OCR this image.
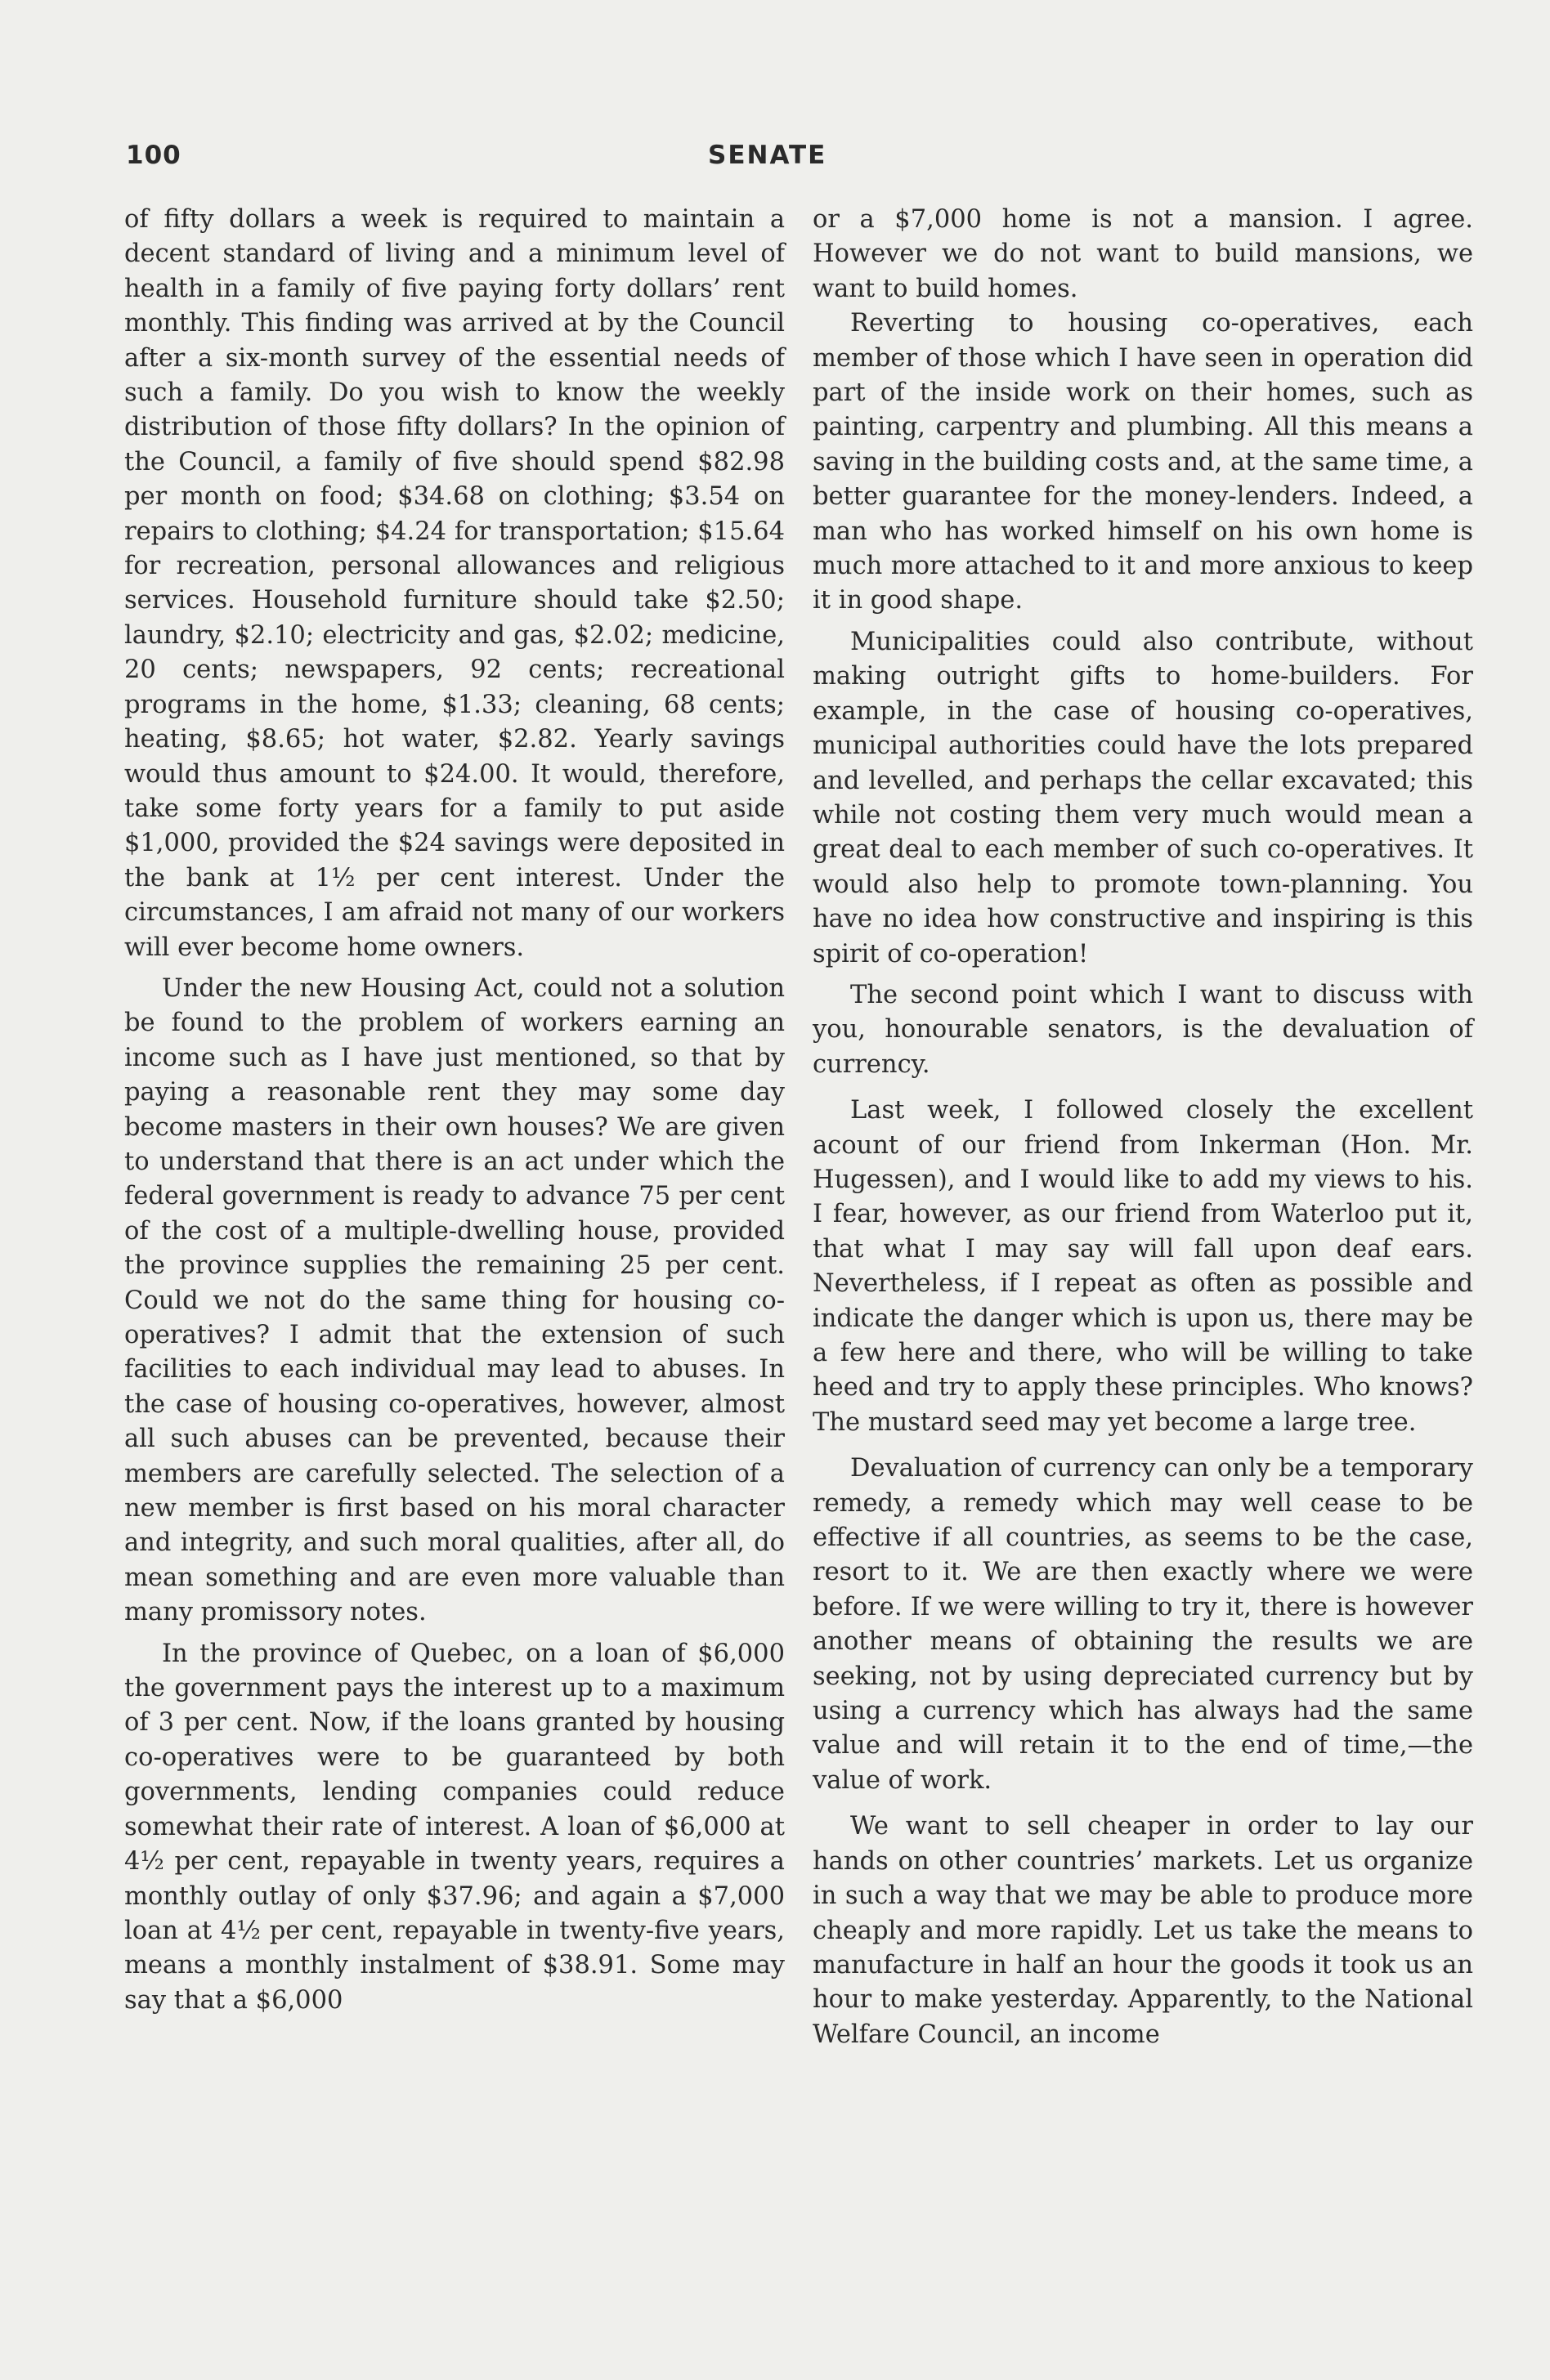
100	SENATE

of fifty dollars a week is required to maintain a decent standard of living and a minimum level of health in a family of five paying forty dollars’ rent monthly. This finding was arrived at by the Council after a six-month survey of the essential needs of such a family. Do you wish to know the weekly distribution of those fifty dollars? In the opinion of the Council, a family of five should spend $82.98 per month on food; $34.68 on clothing; $3.54 on repairs to clothing; $4.24 for transportation; $15.64 for recreation, personal allowances and religious services. Household furniture should take $2.50; laundry, $2.10; electricity and gas, $2.02; medicine, 20 cents; newspapers, 92 cents; recreational programs in the home, $1.33; cleaning, 68 cents; heating, $8.65; hot water, $2.82. Yearly savings would thus amount to $24.00. It would, therefore, take some forty years for a family to put aside $1,000, provided the $24 savings were deposited in the bank at 1½ per cent interest. Under the circumstances, I am afraid not many of our workers will ever become home owners.

Under the new Housing Act, could not a solution be found to the problem of workers earning an income such as I have just mentioned, so that by paying a reasonable rent they may some day become masters in their own houses? We are given to understand that there is an act under which the federal government is ready to advance 75 per cent of the cost of a multiple-dwelling house, provided the province supplies the remaining 25 per cent. Could we not do the same thing for housing co-operatives? I admit that the extension of such facilities to each individual may lead to abuses. In the case of housing co-operatives, however, almost all such abuses can be prevented, because their members are carefully selected. The selection of a new member is first based on his moral character and integrity, and such moral qualities, after all, do mean something and are even more valuable than many promissory notes.

In the province of Quebec, on a loan of $6,000 the government pays the interest up to a maximum of 3 per cent. Now, if the loans granted by housing co-operatives were to be guaranteed by both governments, lending companies could reduce somewhat their rate of interest. A loan of $6,000 at 4½ per cent, repayable in twenty years, requires a monthly outlay of only $37.96; and again a $7,000 loan at 4½ per cent, repayable in twenty-five years, means a monthly instalment of $38.91. Some may say that a $6,000

or a $7,000 home is not a mansion. I agree. However we do not want to build mansions, we want to build homes.

Reverting to housing co-operatives, each member of those which I have seen in operation did part of the inside work on their homes, such as painting, carpentry and plumbing. All this means a saving in the building costs and, at the same time, a better guarantee for the money-lenders. Indeed, a man who has worked himself on his own home is much more attached to it and more anxious to keep it in good shape.

Municipalities could also contribute, without making outright gifts to home-builders. For example, in the case of housing co-operatives, municipal authorities could have the lots prepared and levelled, and perhaps the cellar excavated; this while not costing them very much would mean a great deal to each member of such co-operatives. It would also help to promote town-planning. You have no idea how constructive and inspiring is this spirit of co-operation!

The second point which I want to discuss with you, honourable senators, is the devaluation of currency.

Last week, I followed closely the excellent acount of our friend from Inkerman (Hon. Mr. Hugessen), and I would like to add my views to his. I fear, however, as our friend from Waterloo put it, that what I may say will fall upon deaf ears. Nevertheless, if I repeat as often as possible and indicate the danger which is upon us, there may be a few here and there, who will be willing to take heed and try to apply these principles. Who knows? The mustard seed may yet become a large tree.

Devaluation of currency can only be a temporary remedy, a remedy which may well cease to be effective if all countries, as seems to be the case, resort to it. We are then exactly where we were before. If we were willing to try it, there is however another means of obtaining the results we are seeking, not by using depreciated currency but by using a currency which has always had the same value and will retain it to the end of time,—the value of work.

We want to sell cheaper in order to lay our hands on other countries’ markets. Let us organize in such a way that we may be able to produce more cheaply and more rapidly. Let us take the means to manufacture in half an hour the goods it took us an hour to make yesterday. Apparently, to the National Welfare Council, an income
